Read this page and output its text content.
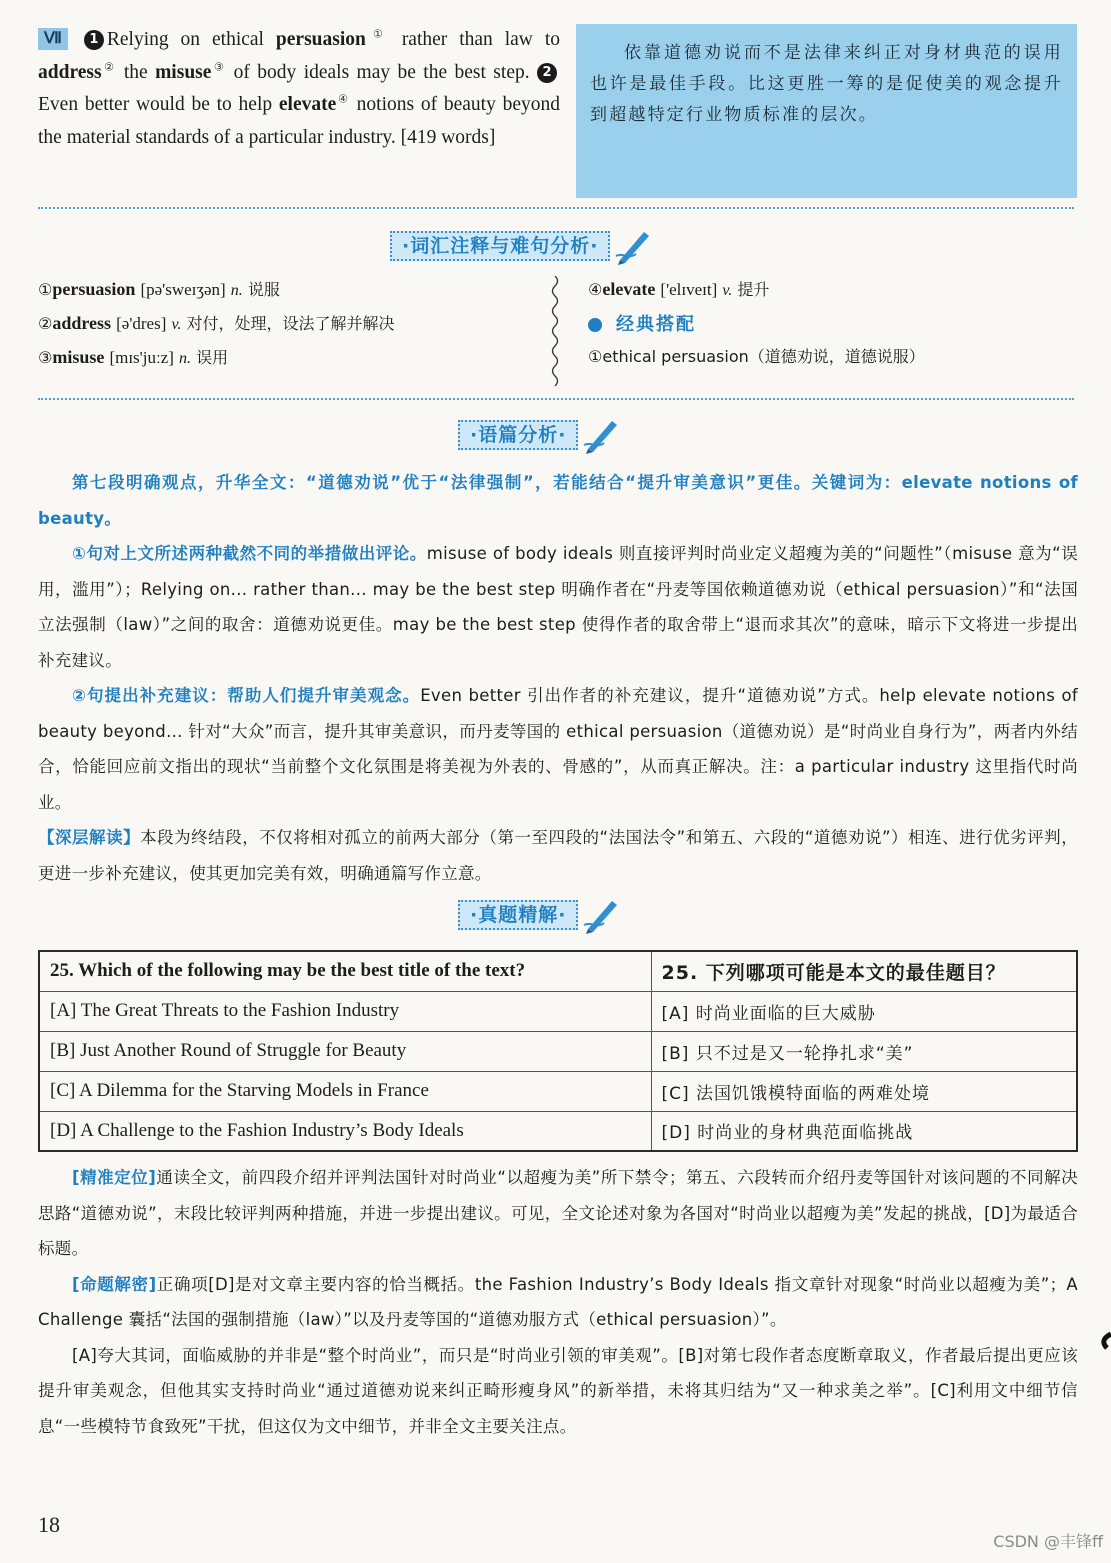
Ⅶ 1 Relying on ethical persuasion① rather than law to address② the misuse③ of body ideals may be the best step. 2Even better would be to help elevate④ notions of beauty beyond the material standards of a particular industry. [419 words]
依靠道德劝说而不是法律来纠正对身材典范的误用也许是最佳手段。比这更胜一筹的是促使美的观念提升到超越特定行业物质标准的层次。
·词汇注释与难句分析·
①persuasion [pə'sweɪʒən] n. 说服
②address [ə'dres] v. 对付，处理，设法了解并解决
③misuse [mɪs'juːz] n. 误用
④elevate ['elɪveɪt] v. 提升
经典搭配
①ethical persuasion（道德劝说，道德说服）
·语篇分析·

第七段明确观点，升华全文：“道德劝说”优于“法律强制”，若能结合“提升审美意识”更佳。关键词为：elevate notions of beauty。

①句对上文所述两种截然不同的举措做出评论。misuse of body ideals 则直接评判时尚业定义超瘦为美的“问题性”（misuse 意为“误用，滥用”）；Relying on... rather than... may be the best step 明确作者在“丹麦等国依赖道德劝说（ethical persuasion）”和“法国立法强制（law）”之间的取舍：道德劝说更佳。may be the best step 使得作者的取舍带上“退而求其次”的意味，暗示下文将进一步提出补充建议。

②句提出补充建议：帮助人们提升审美观念。Even better 引出作者的补充建议，提升“道德劝说”方式。help elevate notions of beauty beyond... 针对“大众”而言，提升其审美意识，而丹麦等国的 ethical persuasion（道德劝说）是“时尚业自身行为”，两者内外结合，恰能回应前文指出的现状“当前整个文化氛围是将美视为外表的、骨感的”，从而真正解决。注：a particular industry 这里指代时尚业。

【深层解读】本段为终结段，不仅将相对孤立的前两大部分（第一至四段的“法国法令”和第五、六段的“道德劝说”）相连、进行优劣评判，更进一步补充建议，使其更加完美有效，明确通篇写作立意。

·真题精解·
25. Which of the following may be the best title of the text?	25. 下列哪项可能是本文的最佳题目？
[A] The Great Threats to the Fashion Industry	[A] 时尚业面临的巨大威胁
[B] Just Another Round of Struggle for Beauty	[B] 只不过是又一轮挣扎求“美”
[C] A Dilemma for the Starving Models in France	[C] 法国饥饿模特面临的两难处境
[D] A Challenge to the Fashion Industry’s Body Ideals	[D] 时尚业的身材典范面临挑战

[精准定位]通读全文，前四段介绍并评判法国针对时尚业“以超瘦为美”所下禁令；第五、六段转而介绍丹麦等国针对该问题的不同解决思路“道德劝说”，末段比较评判两种措施，并进一步提出建议。可见，全文论述对象为各国对“时尚业以超瘦为美”发起的挑战，[D]为最适合标题。

[命题解密]正确项[D]是对文章主要内容的恰当概括。the Fashion Industry’s Body Ideals 指文章针对现象“时尚业以超瘦为美”；A Challenge 囊括“法国的强制措施（law）”以及丹麦等国的“道德劝服方式（ethical persuasion）”。

[A]夸大其词，面临威胁的并非是“整个时尚业”，而只是“时尚业引领的审美观”。[B]对第七段作者态度断章取义，作者最后提出更应该提升审美观念，但他其实支持时尚业“通过道德劝说来纠正畸形瘦身风”的新举措，未将其归结为“又一种求美之举”。[C]利用文中细节信息“一些模特节食致死”干扰，但这仅为文中细节，并非全文主要关注点。

18
CSDN @丰锋ff
